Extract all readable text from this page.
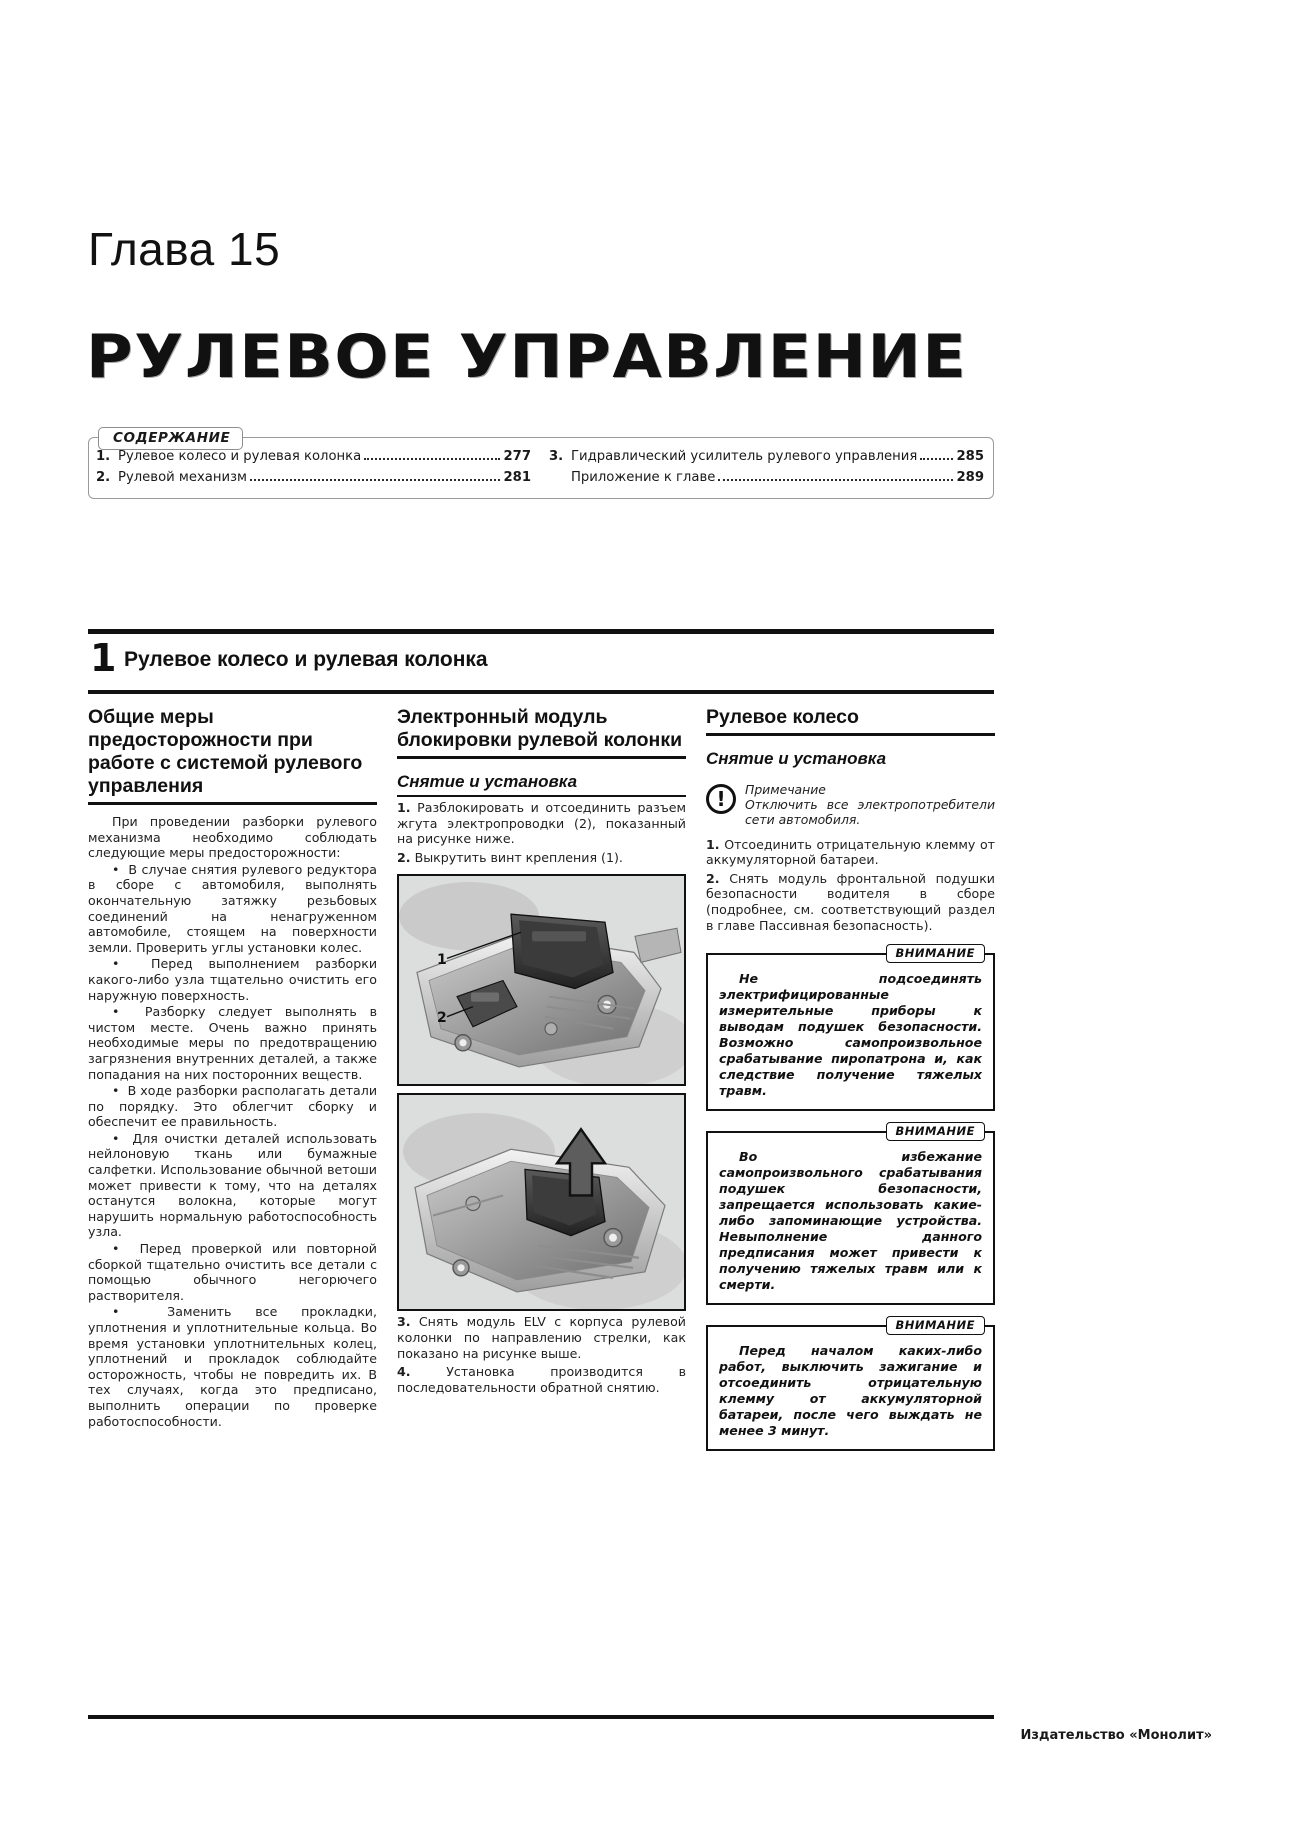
Глава 15
РУЛЕВОЕ УПРАВЛЕНИЕ
СОДЕРЖАНИЕ
1. Рулевое колесо и рулевая колонка	277
2. Рулевой механизм	281
3. Гидравлический усилитель рулевого управления	285
Приложение к главе	289
1 Рулевое колесо и рулевая колонка
Общие меры предосторожности при работе с системой рулевого управления

При проведении разборки рулевого механизма необходимо соблюдать следующие меры предосторожности:

•  В случае снятия рулевого редуктора в сборе с автомобиля, выполнять окончательную затяжку резьбовых соединений на ненагруженном автомобиле, стоящем на поверхности земли. Проверить углы установки колес.

•  Перед выполнением разборки какого-либо узла тщательно очистить его наружную поверхность.

•  Разборку следует выполнять в чистом месте. Очень важно принять необходимые меры по предотвращению загрязнения внутренних деталей, а также попадания на них посторонних веществ.

•  В ходе разборки располагать детали по порядку. Это облегчит сборку и обеспечит ее правильность.

•  Для очистки деталей использовать нейлоновую ткань или бумажные салфетки. Использование обычной ветоши может привести к тому, что на деталях останутся волокна, которые могут нарушить нормальную работоспособность узла.

•  Перед проверкой или повторной сборкой тщательно очистить все детали с помощью обычного негорючего растворителя.

•  Заменить все прокладки, уплотнения и уплотнительные кольца. Во время установки уплотнительных колец, уплотнений и прокладок соблюдайте осторожность, чтобы не повредить их. В тех случаях, когда это предписано, выполнить операции по проверке работоспособности.

Электронный модуль блокировки рулевой колонки
Снятие и установка

1. Разблокировать и отсоединить разъем жгута электропроводки (2), показанный на рисунке ниже.

2. Выкрутить винт крепления (1).

1
2

3. Снять модуль ELV с корпуса рулевой колонки по направлению стрелки, как показано на рисунке выше.

4.	Установка производится в последовательности обратной снятию.

Рулевое колесо
Снятие и установка
!	Примечание
Отключить все электропотребители сети автомобиля.

1. Отсоединить отрицательную клемму от аккумуляторной батареи.

2. Снять модуль фронтальной подушки безопасности водителя в сборе (подробнее, см. соответствующий раздел в главе Пассивная безопасность).

ВНИМАНИЕ
Не подсоединять электрифицированные измерительные приборы к выводам подушек безопасности. Возможно самопроизвольное срабатывание пиропатрона и, как следствие получение тяжелых травм.
ВНИМАНИЕ
Во избежание самопроизвольного срабатывания подушек безопасности, запрещается использовать какие-либо запоминающие устройства. Невыполнение данного предписания может привести к получению тяжелых травм или к смерти.
ВНИМАНИЕ
Перед началом каких-либо работ, выключить зажигание и отсоединить отрицательную клемму от аккумуляторной батареи, после чего выждать не менее 3 минут.
Издательство «Монолит»
